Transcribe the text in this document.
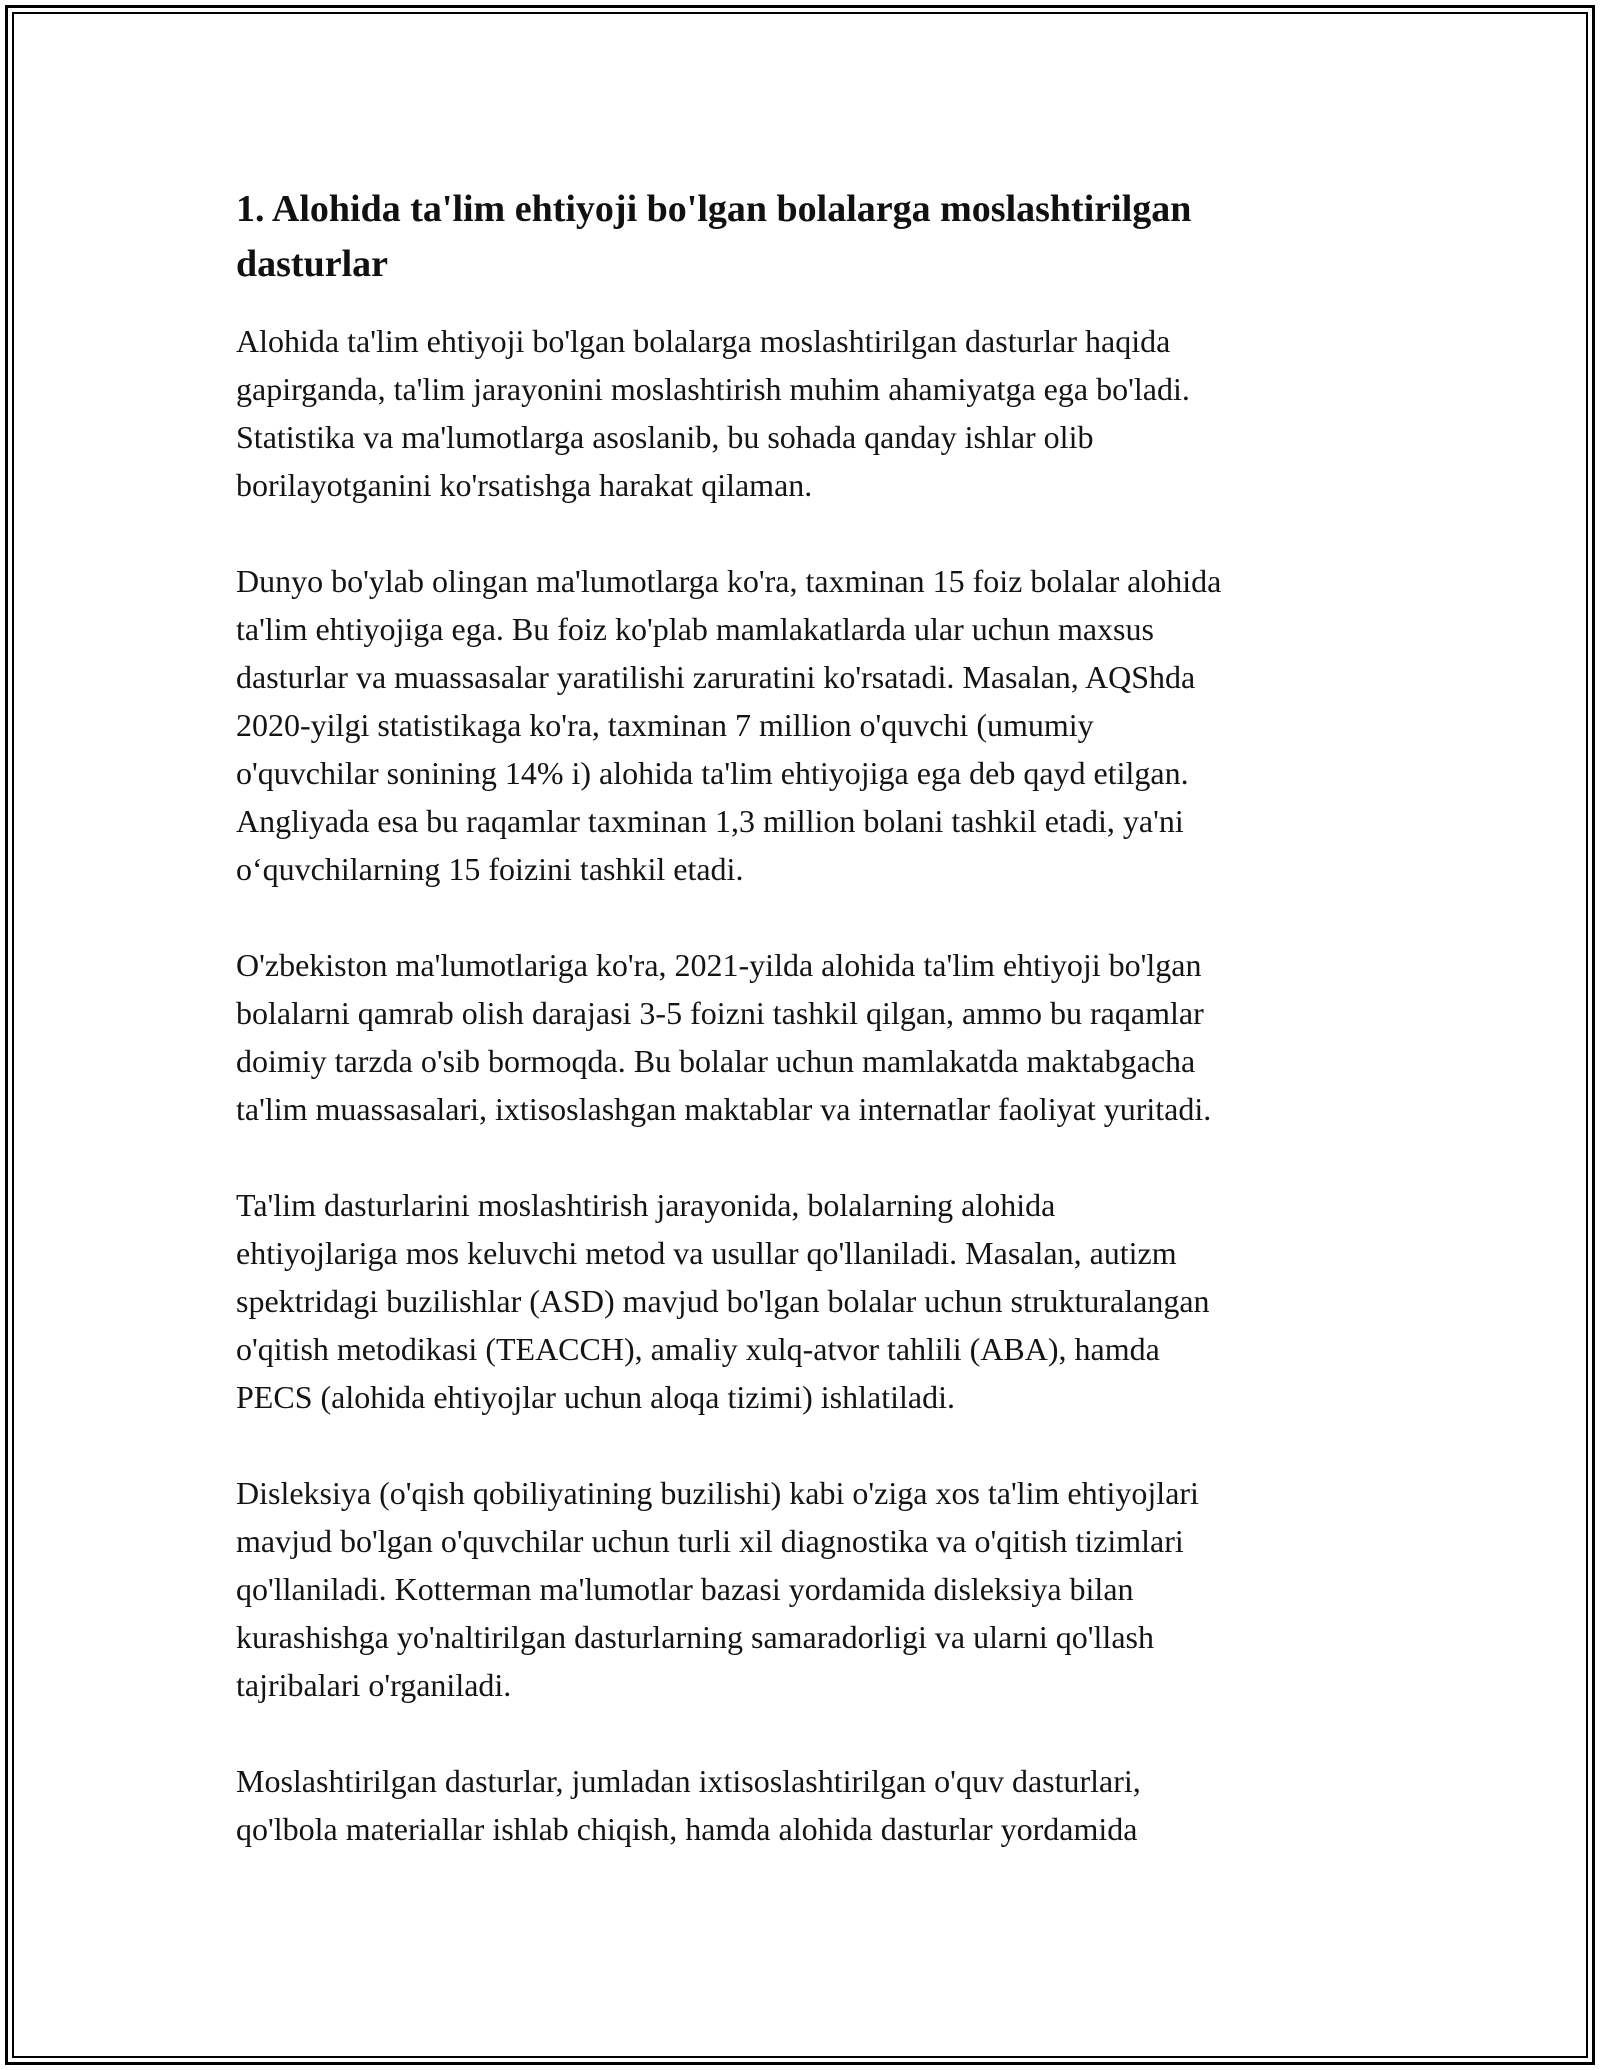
1. Alohida ta'lim ehtiyoji bo'lgan bolalarga moslashtirilgan
dasturlar

Alohida ta'lim ehtiyoji bo'lgan bolalarga moslashtirilgan dasturlar haqida
gapirganda, ta'lim jarayonini moslashtirish muhim ahamiyatga ega bo'ladi.
Statistika va ma'lumotlarga asoslanib, bu sohada qanday ishlar olib
borilayotganini ko'rsatishga harakat qilaman.

Dunyo bo'ylab olingan ma'lumotlarga ko'ra, taxminan 15 foiz bolalar alohida
ta'lim ehtiyojiga ega. Bu foiz ko'plab mamlakatlarda ular uchun maxsus
dasturlar va muassasalar yaratilishi zaruratini ko'rsatadi. Masalan, AQShda
2020-yilgi statistikaga ko'ra, taxminan 7 million o'quvchi (umumiy
o'quvchilar sonining 14% i) alohida ta'lim ehtiyojiga ega deb qayd etilgan.
Angliyada esa bu raqamlar taxminan 1,3 million bolani tashkil etadi, ya'ni
o‘quvchilarning 15 foizini tashkil etadi.

O'zbekiston ma'lumotlariga ko'ra, 2021-yilda alohida ta'lim ehtiyoji bo'lgan
bolalarni qamrab olish darajasi 3-5 foizni tashkil qilgan, ammo bu raqamlar
doimiy tarzda o'sib bormoqda. Bu bolalar uchun mamlakatda maktabgacha
ta'lim muassasalari, ixtisoslashgan maktablar va internatlar faoliyat yuritadi.

Ta'lim dasturlarini moslashtirish jarayonida, bolalarning alohida
ehtiyojlariga mos keluvchi metod va usullar qo'llaniladi. Masalan, autizm
spektridagi buzilishlar (ASD) mavjud bo'lgan bolalar uchun strukturalangan
o'qitish metodikasi (TEACCH), amaliy xulq-atvor tahlili (ABA), hamda
PECS (alohida ehtiyojlar uchun aloqa tizimi) ishlatiladi.

Disleksiya (o'qish qobiliyatining buzilishi) kabi o'ziga xos ta'lim ehtiyojlari
mavjud bo'lgan o'quvchilar uchun turli xil diagnostika va o'qitish tizimlari
qo'llaniladi. Kotterman ma'lumotlar bazasi yordamida disleksiya bilan
kurashishga yo'naltirilgan dasturlarning samaradorligi va ularni qo'llash
tajribalari o'rganiladi.

Moslashtirilgan dasturlar, jumladan ixtisoslashtirilgan o'quv dasturlari,
qo'lbola materiallar ishlab chiqish, hamda alohida dasturlar yordamida
